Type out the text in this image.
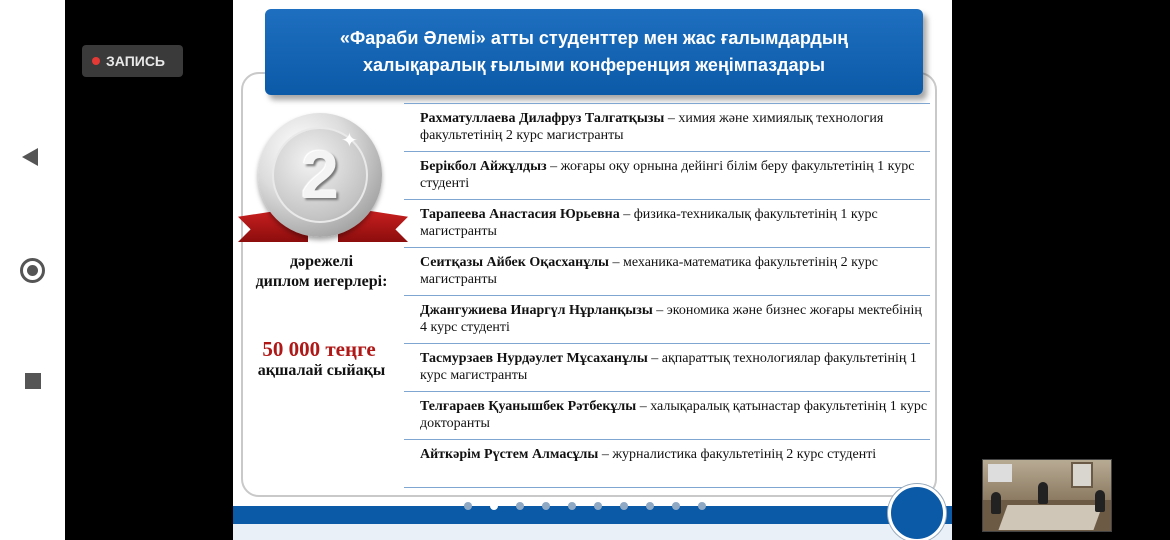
ЗАПИСЬ
«Фараби Әлемі» атты студенттер мен жас ғалымдардың халықаралық ғылыми конференция жеңімпаздары
2 ✦
дәрежелі
диплом иегерлері:
50 000 теңге
ақшалай сыйақы
Рахматуллаева Дилафруз Талгатқызы – химия және химиялық технология факультетінің 2 курс магистранты
Берікбол Айжұлдыз – жоғары оқу орнына дейінгі білім беру факультетінің 1 курс студенті
Тарапеева Анастасия Юрьевна – физика-техникалық факультетінің 1 курс магистранты
Сеитқазы Айбек Оқасханұлы – механика-математика факультетінің 2 курс магистранты
Джангужиева Инаргүл Нұрланқызы – экономика және бизнес жоғары мектебінің 4 курс студенті
Тасмурзаев Нурдәулет Мұсаханұлы – ақпараттық технологиялар факультетінің 1 курс магистранты
Телғараев Қуанышбек Рәтбекұлы – халықаралық қатынастар факультетінің 1 курс докторанты
Айткәрім Рүстем Алмасұлы – журналистика факультетінің 2 курс студенті
